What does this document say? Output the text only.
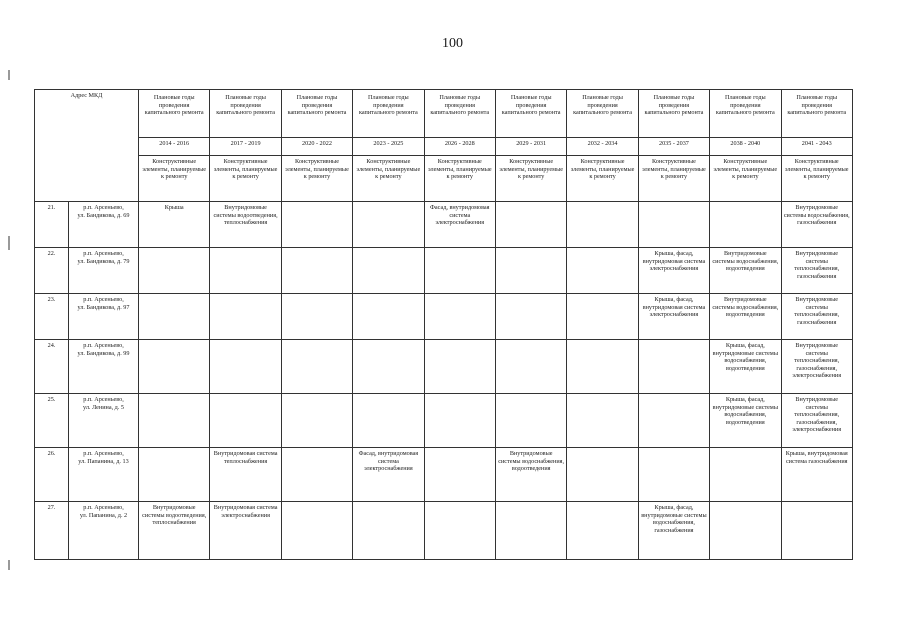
100
Адрес МКД		Плановые годы проведения капитального ремонта	Плановые годы проведения капитального ремонта	Плановые годы проведения капитального ремонта	Плановые годы проведения капитального ремонта	Плановые годы проведения капитального ремонта	Плановые годы проведения капитального ремонта	Плановые годы проведения капитального ремонта	Плановые годы проведения капитального ремонта	Плановые годы проведения капитального ремонта	Плановые годы проведения капитального ремонта
		2014 - 2016	2017 - 2019	2020 - 2022	2023 - 2025	2026 - 2028	2029 - 2031	2032 - 2034	2035 - 2037	2038 - 2040	2041 - 2043
		Конструктивные элементы, планируемые к ремонту	Конструктивные элементы, планируемые к ремонту	Конструктивные элементы, планируемые к ремонту	Конструктивные элементы, планируемые к ремонту	Конструктивные элементы, планируемые к ремонту	Конструктивные элементы, планируемые к ремонту	Конструктивные элементы, планируемые к ремонту	Конструктивные элементы, планируемые к ремонту	Конструктивные элементы, планируемые к ремонту	Конструктивные элементы, планируемые к ремонту
21.	р.п. Арсеньево,
ул. Бандикова, д. 69	Крыша	Внутридомовые системы водоотведения, теплоснабжения			Фасад, внутридомовая система электроснабжения					Внутридомовые системы водоснабжения, газоснабжения
22.	р.п. Арсеньево,
ул. Бандикова, д. 79								Крыша, фасад, внутридомовая система электроснабжения	Внутридомовые системы водоснабжения, водоотведения	Внутридомовые системы теплоснабжения, газоснабжения
23.	р.п. Арсеньево,
ул. Бандикова, д. 97								Крыша, фасад, внутридомовая система электроснабжения	Внутридомовые системы водоснабжения, водоотведения	Внутридомовые системы теплоснабжения, газоснабжения
24.	р.п. Арсеньево,
ул. Бандикова, д. 99									Крыша, фасад, внутридомовые системы водоснабжения, водоотведения	Внутридомовые системы теплоснабжения, газоснабжения, электроснабжения
25.	р.п. Арсеньево,
ул. Ленина, д. 5									Крыша, фасад, внутридомовые системы водоснабжения, водоотведения	Внутридомовые системы теплоснабжения, газоснабжения, электроснабжения
26.	р.п. Арсеньево,
ул. Папанина, д. 13		Внутридомовая система теплоснабжения		Фасад, внутридомовая система электроснабжения		Внутридомовые системы водоснабжения, водоотведения				Крыша, внутридомовая система газоснабжения
27.	р.п. Арсеньево,
ул. Папанина, д. 2	Внутридомовые системы водоотведения, теплоснабжения	Внутридомовая система электроснабжения						Крыша, фасад, внутридомовые системы водоснабжения, газоснабжения		
